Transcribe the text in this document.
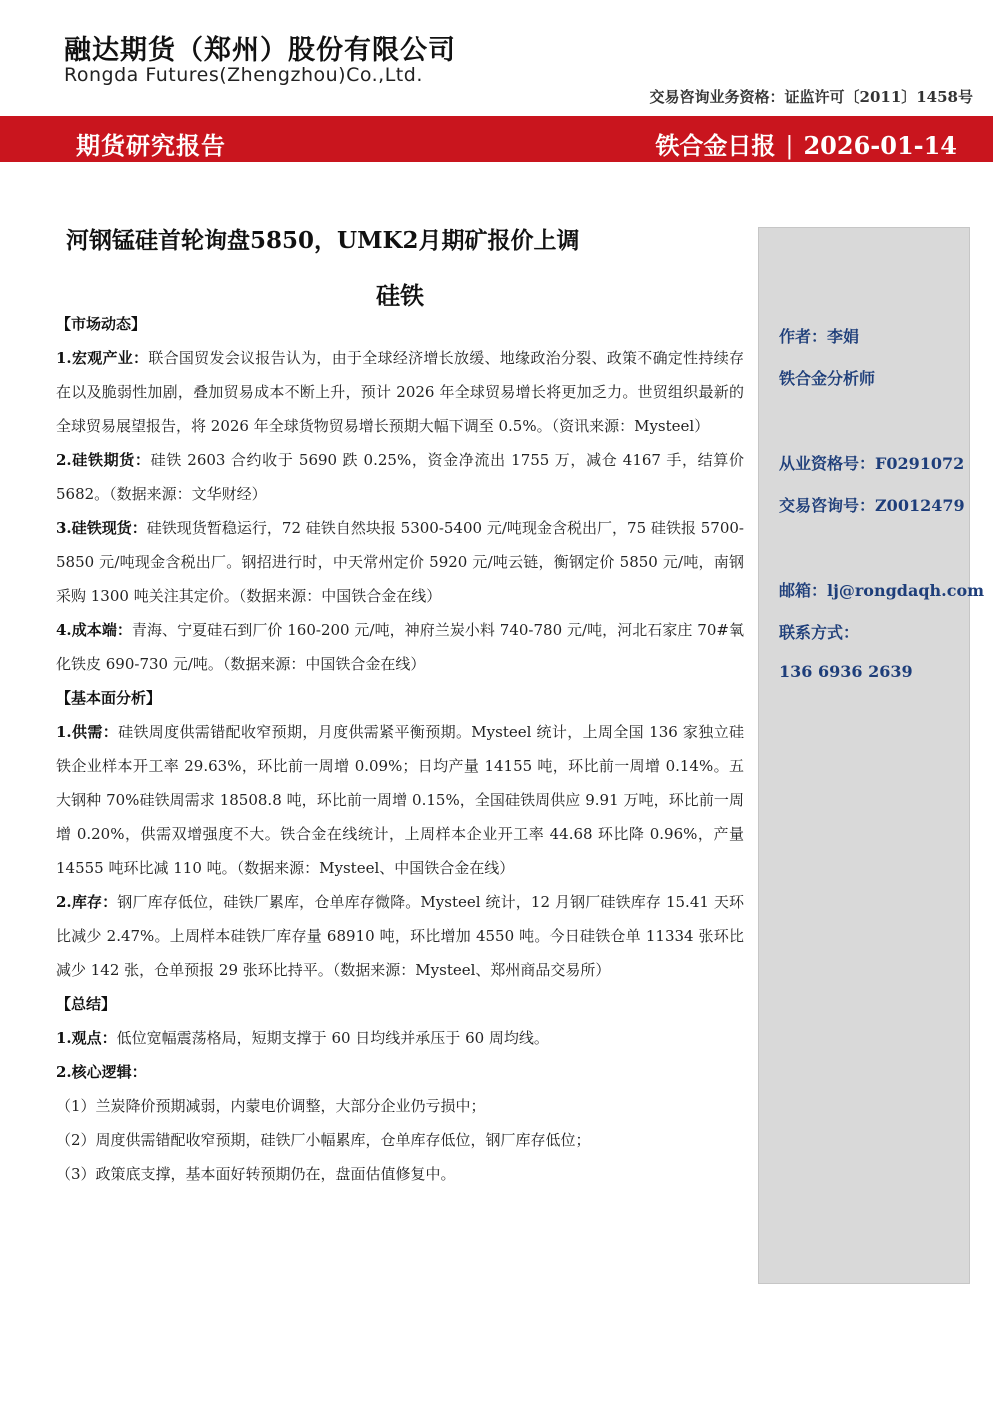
融达期货（郑州）股份有限公司
Rongda Futures(Zhengzhou)Co.,Ltd.
交易咨询业务资格：证监许可〔2011〕1458号
期货研究报告	铁合金日报 | 2026-01-14
河钢锰硅首轮询盘5850，UMK2月期矿报价上调
硅铁

【市场动态】

1.宏观产业：联合国贸发会议报告认为，由于全球经济增长放缓、地缘政治分裂、政策不确定性持续存在以及脆弱性加剧，叠加贸易成本不断上升，预计 2026 年全球贸易增长将更加乏力。世贸组织最新的全球贸易展望报告，将 2026 年全球货物贸易增长预期大幅下调至 0.5%。（资讯来源：Mysteel）

2.硅铁期货：硅铁 2603 合约收于 5690 跌 0.25%，资金净流出 1755 万，减仓 4167 手，结算价 5682。（数据来源：文华财经）

3.硅铁现货：硅铁现货暂稳运行，72 硅铁自然块报 5300-5400 元/吨现金含税出厂，75 硅铁报 5700-5850 元/吨现金含税出厂。钢招进行时，中天常州定价 5920 元/吨云链，衡钢定价 5850 元/吨，南钢采购 1300 吨关注其定价。（数据来源：中国铁合金在线）

4.成本端：青海、宁夏硅石到厂价 160-200 元/吨，神府兰炭小料 740-780 元/吨，河北石家庄 70#氧化铁皮 690-730 元/吨。（数据来源：中国铁合金在线）

【基本面分析】

1.供需：硅铁周度供需错配收窄预期，月度供需紧平衡预期。Mysteel 统计，上周全国 136 家独立硅铁企业样本开工率 29.63%，环比前一周增 0.09%；日均产量 14155 吨，环比前一周增 0.14%。五大钢种 70%硅铁周需求 18508.8 吨，环比前一周增 0.15%，全国硅铁周供应 9.91 万吨，环比前一周增 0.20%，供需双增强度不大。铁合金在线统计，上周样本企业开工率 44.68 环比降 0.96%，产量 14555 吨环比减 110 吨。（数据来源：Mysteel、中国铁合金在线）

2.库存：钢厂库存低位，硅铁厂累库，仓单库存微降。Mysteel 统计，12 月钢厂硅铁库存 15.41 天环比减少 2.47%。上周样本硅铁厂库存量 68910 吨，环比增加 4550 吨。今日硅铁仓单 11334 张环比减少 142 张，仓单预报 29 张环比持平。（数据来源：Mysteel、郑州商品交易所）

【总结】

1.观点：低位宽幅震荡格局，短期支撑于 60 日均线并承压于 60 周均线。

2.核心逻辑：

（1）兰炭降价预期减弱，内蒙电价调整，大部分企业仍亏损中；

（2）周度供需错配收窄预期，硅铁厂小幅累库，仓单库存低位，钢厂库存低位；

（3）政策底支撑，基本面好转预期仍在，盘面估值修复中。

作者：李娟
铁合金分析师
从业资格号：F0291072
交易咨询号：Z0012479
邮箱：lj@rongdaqh.com
联系方式：
136 6936 2639
